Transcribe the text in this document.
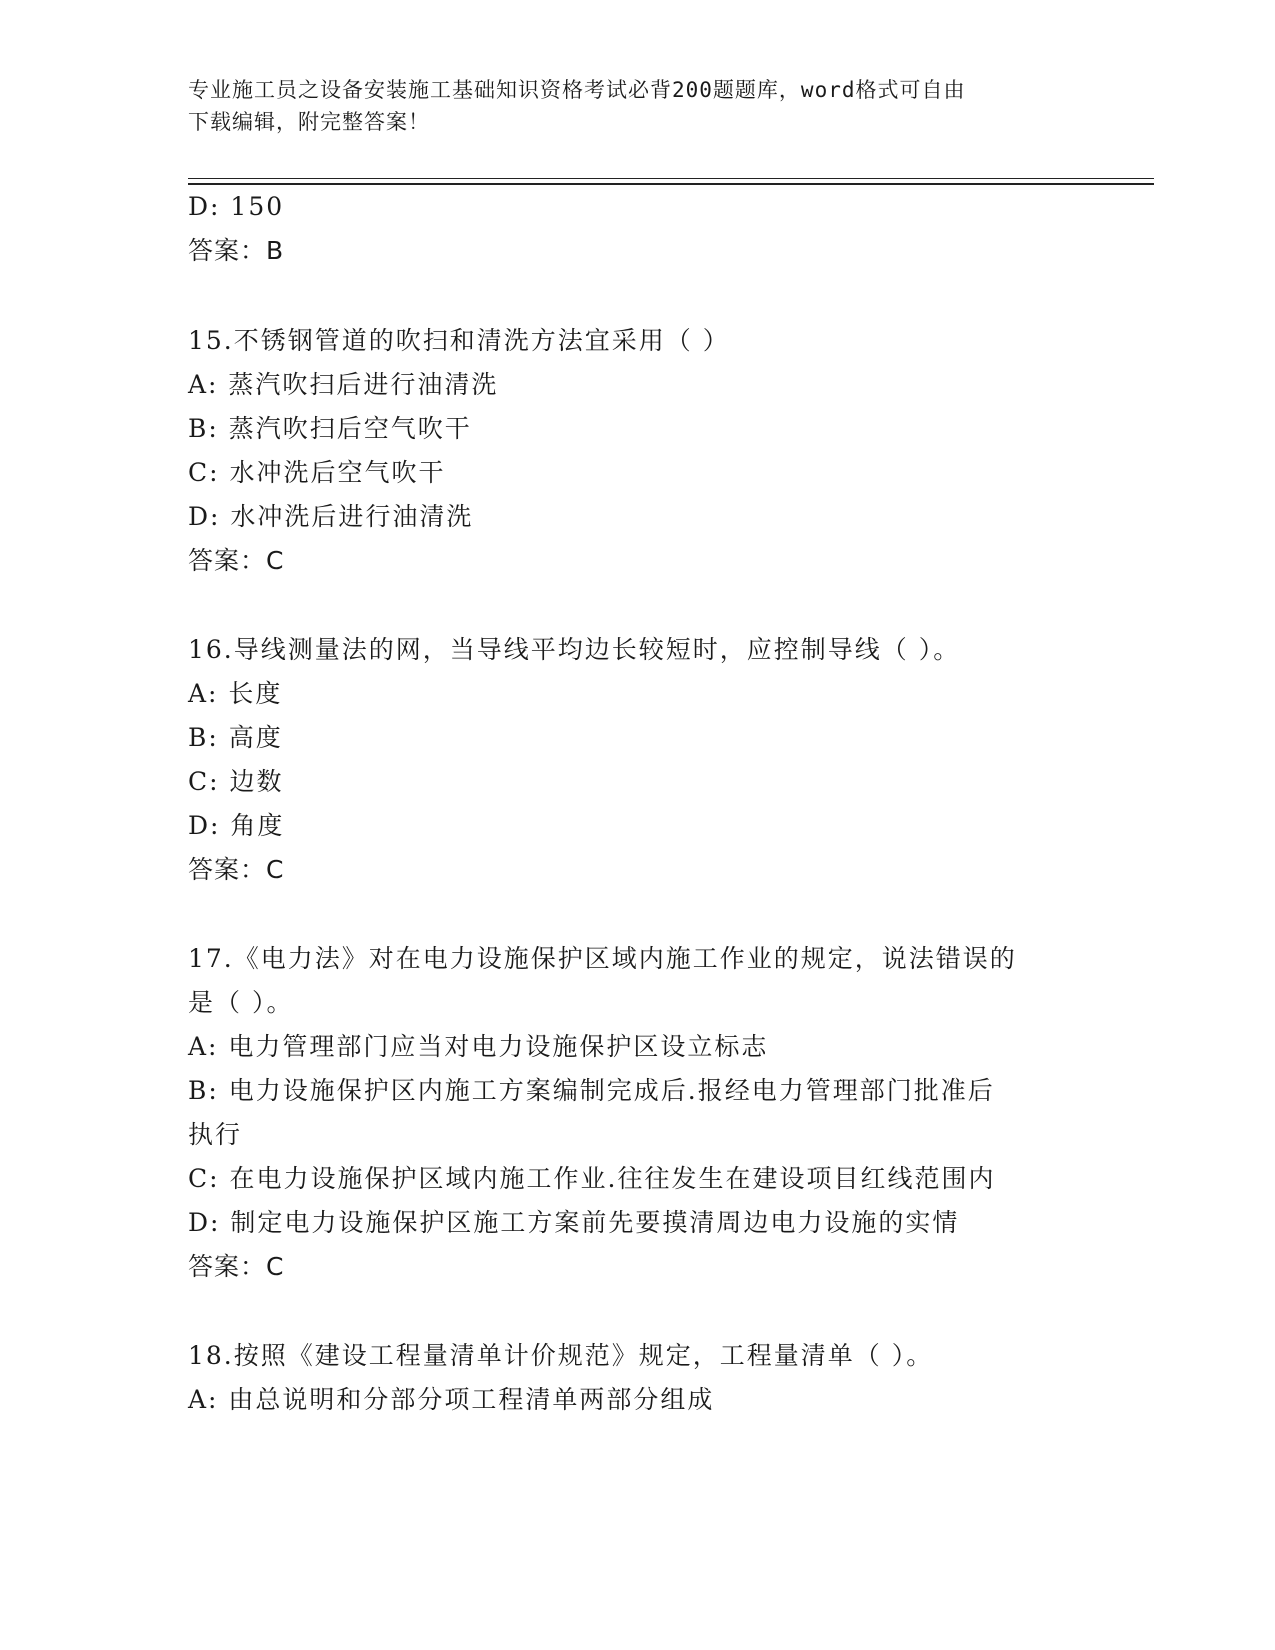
专业施工员之设备安装施工基础知识资格考试必背200题题库，word格式可自由
下载编辑，附完整答案！
D: 150
答案：B
15.不锈钢管道的吹扫和清洗方法宜采用（ ）
A: 蒸汽吹扫后进行油清洗
B: 蒸汽吹扫后空气吹干
C: 水冲洗后空气吹干
D: 水冲洗后进行油清洗
答案：C
16.导线测量法的网，当导线平均边长较短时，应控制导线（ ）。
A: 长度
B: 高度
C: 边数
D: 角度
答案：C
17.《电力法》对在电力设施保护区域内施工作业的规定，说法错误的
是（ ）。
A: 电力管理部门应当对电力设施保护区设立标志
B: 电力设施保护区内施工方案编制完成后.报经电力管理部门批准后
执行
C: 在电力设施保护区域内施工作业.往往发生在建设项目红线范围内
D: 制定电力设施保护区施工方案前先要摸清周边电力设施的实情
答案：C
18.按照《建设工程量清单计价规范》规定，工程量清单（ ）。
A: 由总说明和分部分项工程清单两部分组成
